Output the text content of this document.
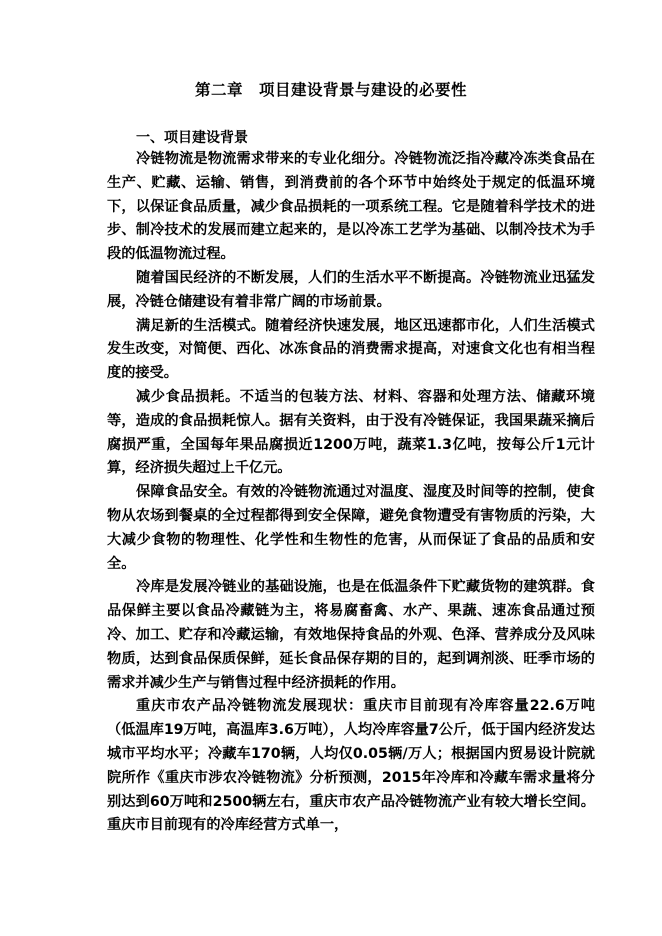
第二章　项目建设背景与建设的必要性
一、项目建设背景

冷链物流是物流需求带来的专业化细分。冷链物流泛指冷藏冷冻类食品在生产、贮藏、运输、销售，到消费前的各个环节中始终处于规定的低温环境下，以保证食品质量，减少食品损耗的一项系统工程。它是随着科学技术的进步、制冷技术的发展而建立起来的，是以冷冻工艺学为基础、以制冷技术为手段的低温物流过程。

随着国民经济的不断发展，人们的生活水平不断提高。冷链物流业迅猛发展，冷链仓储建设有着非常广阔的市场前景。

满足新的生活模式。随着经济快速发展，地区迅速都市化，人们生活模式发生改变，对简便、西化、冰冻食品的消费需求提高，对速食文化也有相当程度的接受。

减少食品损耗。不适当的包装方法、材料、容器和处理方法、储藏环境等，造成的食品损耗惊人。据有关资料，由于没有冷链保证，我国果蔬采摘后腐损严重，全国每年果品腐损近1200万吨，蔬菜1.3亿吨，按每公斤1元计算，经济损失超过上千亿元。

保障食品安全。有效的冷链物流通过对温度、湿度及时间等的控制，使食物从农场到餐桌的全过程都得到安全保障，避免食物遭受有害物质的污染，大大减少食物的物理性、化学性和生物性的危害，从而保证了食品的品质和安全。

冷库是发展冷链业的基础设施，也是在低温条件下贮藏货物的建筑群。食品保鲜主要以食品冷藏链为主，将易腐畜禽、水产、果蔬、速冻食品通过预冷、加工、贮存和冷藏运输，有效地保持食品的外观、色泽、营养成分及风味物质，达到食品保质保鲜，延长食品保存期的目的，起到调剂淡、旺季市场的需求并减少生产与销售过程中经济损耗的作用。

重庆市农产品冷链物流发展现状：重庆市目前现有冷库容量22.6万吨（低温库19万吨，高温库3.6万吨），人均冷库容量7公斤，低于国内经济发达城市平均水平；冷藏车170辆，人均仅0.05辆/万人；根据国内贸易设计院就院所作《重庆市涉农冷链物流》分析预测，2015年冷库和冷藏车需求量将分别达到60万吨和2500辆左右，重庆市农产品冷链物流产业有较大增长空间。重庆市目前现有的冷库经营方式单一，
